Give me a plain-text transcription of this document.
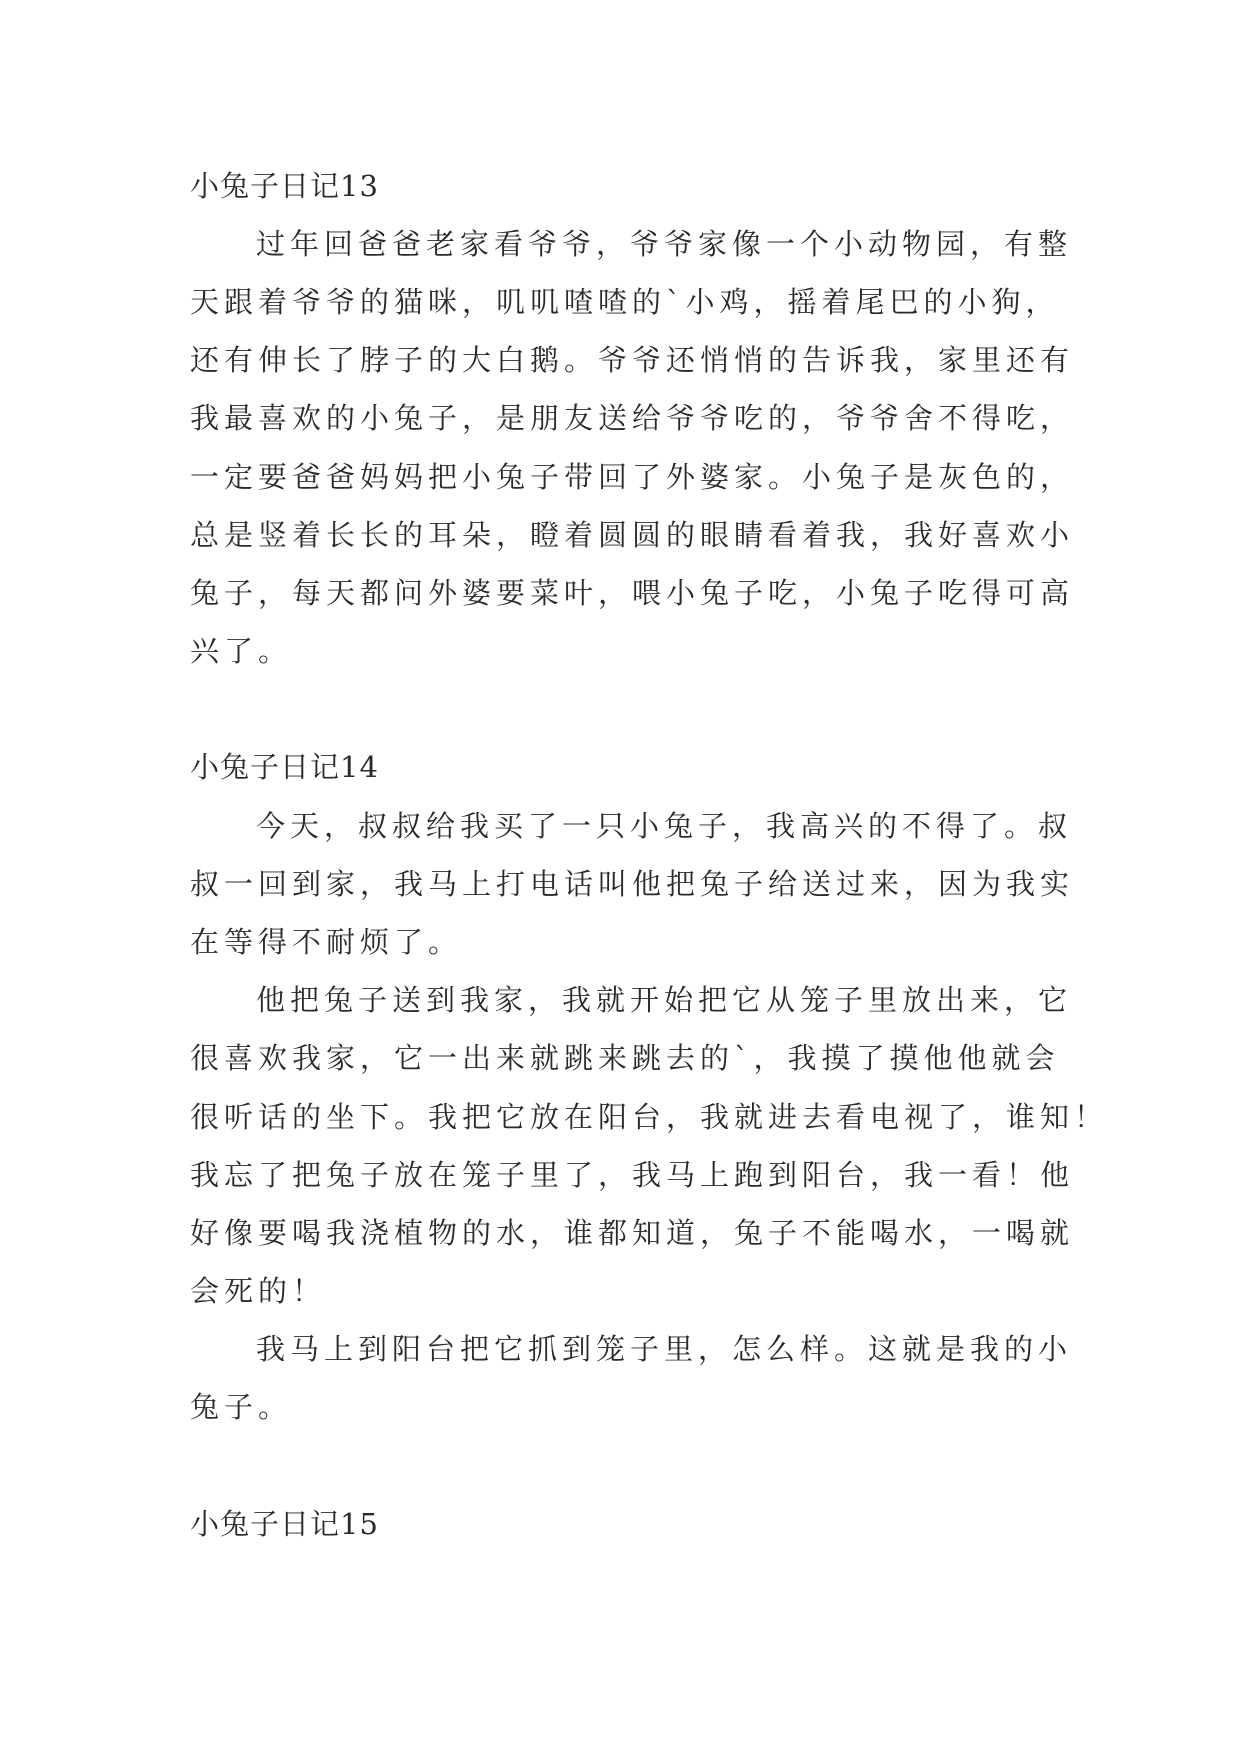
小兔子日记13
过年回爸爸老家看爷爷，爷爷家像一个小动物园，有整
天跟着爷爷的猫咪，叽叽喳喳的`小鸡，摇着尾巴的小狗，
还有伸长了脖子的大白鹅。爷爷还悄悄的告诉我，家里还有
我最喜欢的小兔子，是朋友送给爷爷吃的，爷爷舍不得吃，
一定要爸爸妈妈把小兔子带回了外婆家。小兔子是灰色的，
总是竖着长长的耳朵，瞪着圆圆的眼睛看着我，我好喜欢小
兔子，每天都问外婆要菜叶，喂小兔子吃，小兔子吃得可高
兴了。
小兔子日记14
今天，叔叔给我买了一只小兔子，我高兴的不得了。叔
叔一回到家，我马上打电话叫他把兔子给送过来，因为我实
在等得不耐烦了。
他把兔子送到我家，我就开始把它从笼子里放出来，它
很喜欢我家，它一出来就跳来跳去的`，我摸了摸他他就会
很听话的坐下。我把它放在阳台，我就进去看电视了，谁知！
我忘了把兔子放在笼子里了，我马上跑到阳台，我一看！他
好像要喝我浇植物的水，谁都知道，兔子不能喝水，一喝就
会死的！
我马上到阳台把它抓到笼子里，怎么样。这就是我的小
兔子。
小兔子日记15
